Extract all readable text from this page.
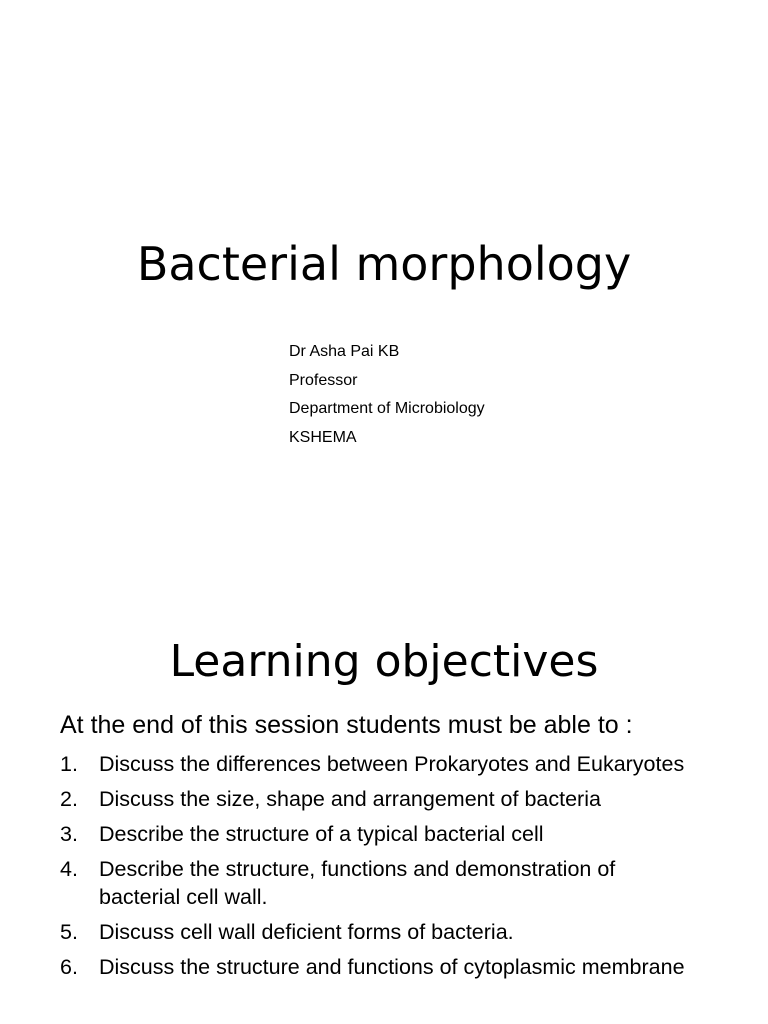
Bacterial morphology
Dr Asha Pai KB
Professor
Department of Microbiology
KSHEMA
Learning objectives
At the end of this session students must be able to :
1. Discuss the differences between Prokaryotes and Eukaryotes
2. Discuss the size, shape and arrangement of bacteria
3. Describe the structure of a typical bacterial cell
4. Describe the structure, functions and demonstration of bacterial cell wall.
5. Discuss cell wall deficient forms of bacteria.
6. Discuss the structure and functions of cytoplasmic membrane
